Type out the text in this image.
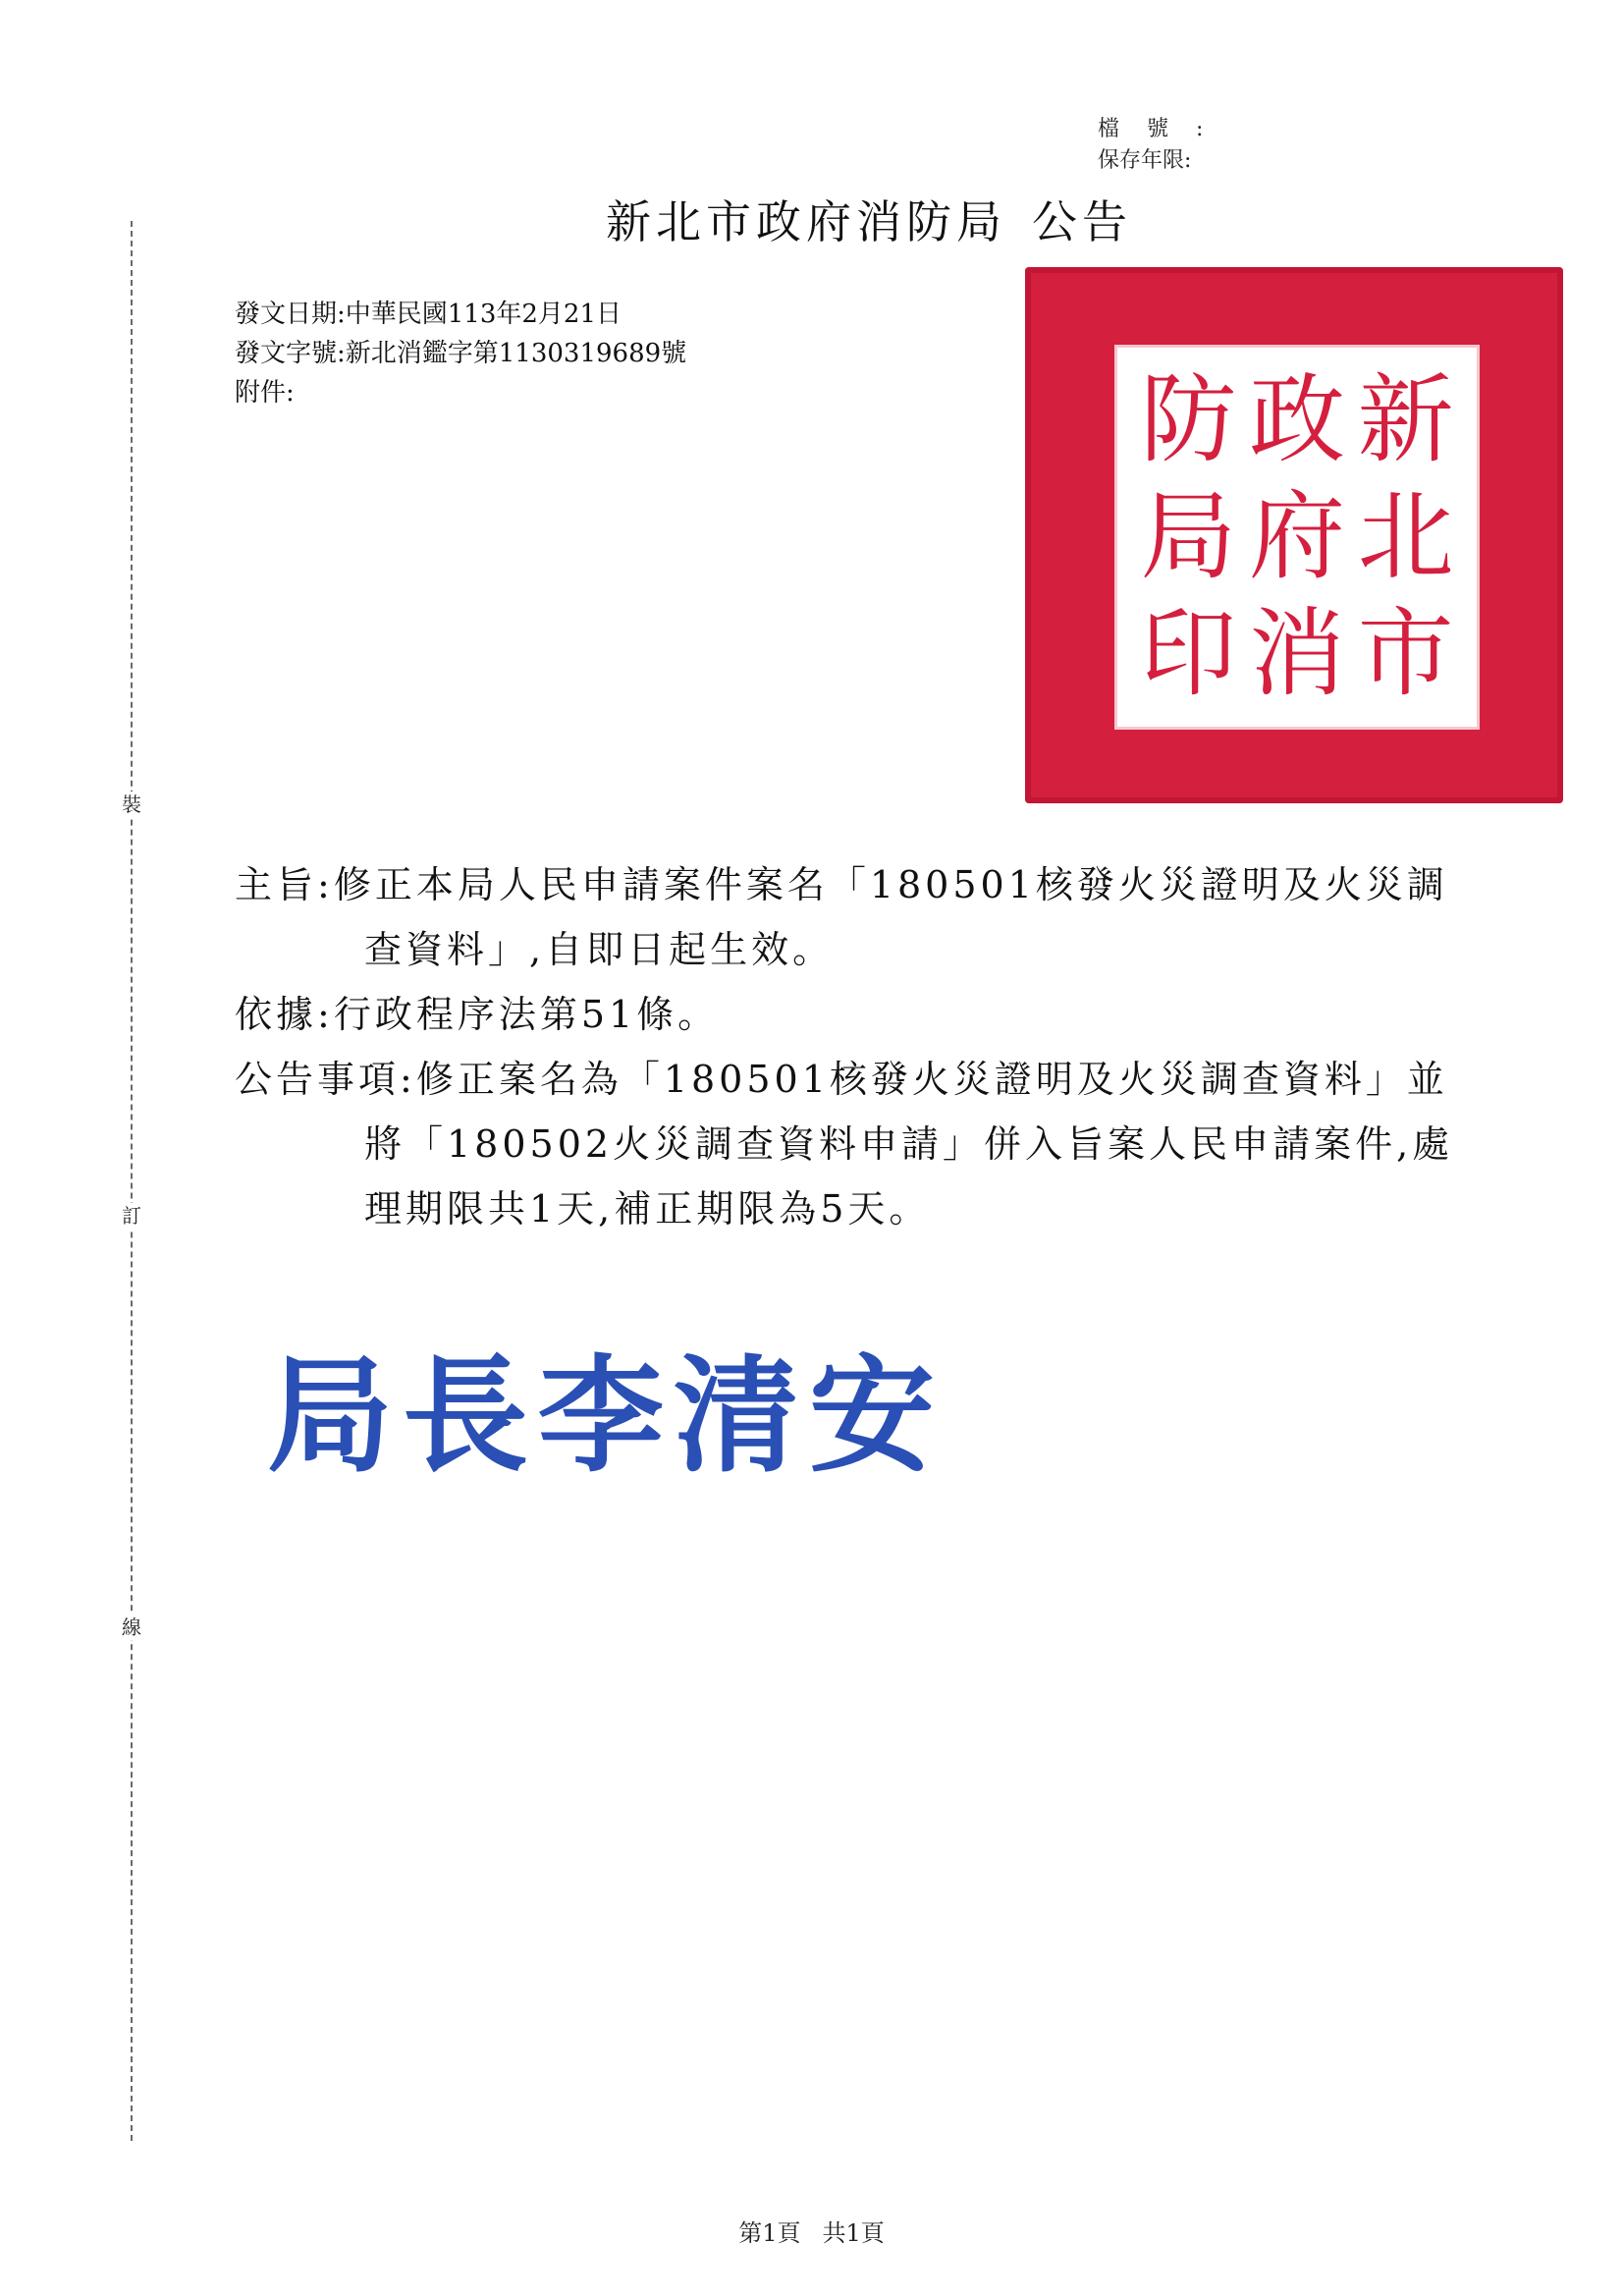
裝
訂
線
檔號:
保存年限:
新北市政府消防局 公告
發文日期:中華民國113年2月21日
發文字號:新北消鑑字第1130319689號
附件:	新
北
市
政
府
消
防
局
印
主旨:修正本局人民申請案件案名「180501核發火災證明及火災調
查資料」,自即日起生效。
依據:行政程序法第51條。
公告事項:修正案名為「180501核發火災證明及火災調查資料」並
將「180502火災調查資料申請」併入旨案人民申請案件,處
理期限共1天,補正期限為5天。
局長李清安
第1頁 共1頁
